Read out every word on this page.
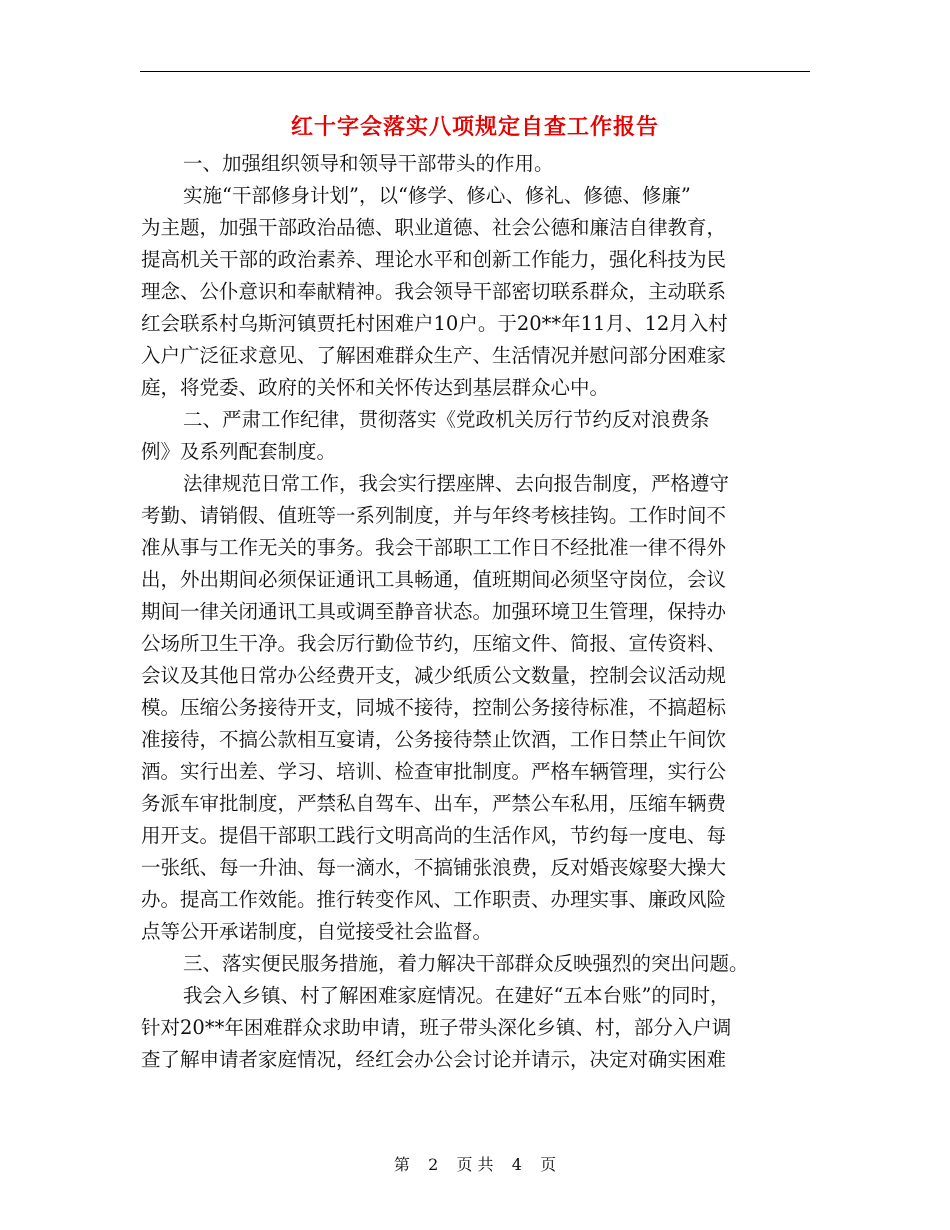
红十字会落实八项规定自查工作报告
一、加强组织领导和领导干部带头的作用。
实施“干部修身计划”，以“修学、修心、修礼、修德、修廉”
为主题，加强干部政治品德、职业道德、社会公德和廉洁自律教育，
提高机关干部的政治素养、理论水平和创新工作能力，强化科技为民
理念、公仆意识和奉献精神。我会领导干部密切联系群众，主动联系
红会联系村乌斯河镇贾托村困难户10户。于20**年11月、12月入村
入户广泛征求意见、了解困难群众生产、生活情况并慰问部分困难家
庭，将党委、政府的关怀和关怀传达到基层群众心中。
二、严肃工作纪律，贯彻落实《党政机关厉行节约反对浪费条
例》及系列配套制度。
法律规范日常工作，我会实行摆座牌、去向报告制度，严格遵守
考勤、请销假、值班等一系列制度，并与年终考核挂钩。工作时间不
准从事与工作无关的事务。我会干部职工工作日不经批准一律不得外
出，外出期间必须保证通讯工具畅通，值班期间必须坚守岗位，会议
期间一律关闭通讯工具或调至静音状态。加强环境卫生管理，保持办
公场所卫生干净。我会厉行勤俭节约，压缩文件、简报、宣传资料、
会议及其他日常办公经费开支，减少纸质公文数量，控制会议活动规
模。压缩公务接待开支，同城不接待，控制公务接待标准，不搞超标
准接待，不搞公款相互宴请，公务接待禁止饮酒，工作日禁止午间饮
酒。实行出差、学习、培训、检查审批制度。严格车辆管理，实行公
务派车审批制度，严禁私自驾车、出车，严禁公车私用，压缩车辆费
用开支。提倡干部职工践行文明高尚的生活作风，节约每一度电、每
一张纸、每一升油、每一滴水，不搞铺张浪费，反对婚丧嫁娶大操大
办。提高工作效能。推行转变作风、工作职责、办理实事、廉政风险
点等公开承诺制度，自觉接受社会监督。
三、落实便民服务措施，着力解决干部群众反映强烈的突出问题。
我会入乡镇、村了解困难家庭情况。在建好“五本台账”的同时，
针对20**年困难群众求助申请，班子带头深化乡镇、村，部分入户调
查了解申请者家庭情况，经红会办公会讨论并请示，决定对确实困难
第 2 页 共 4 页
